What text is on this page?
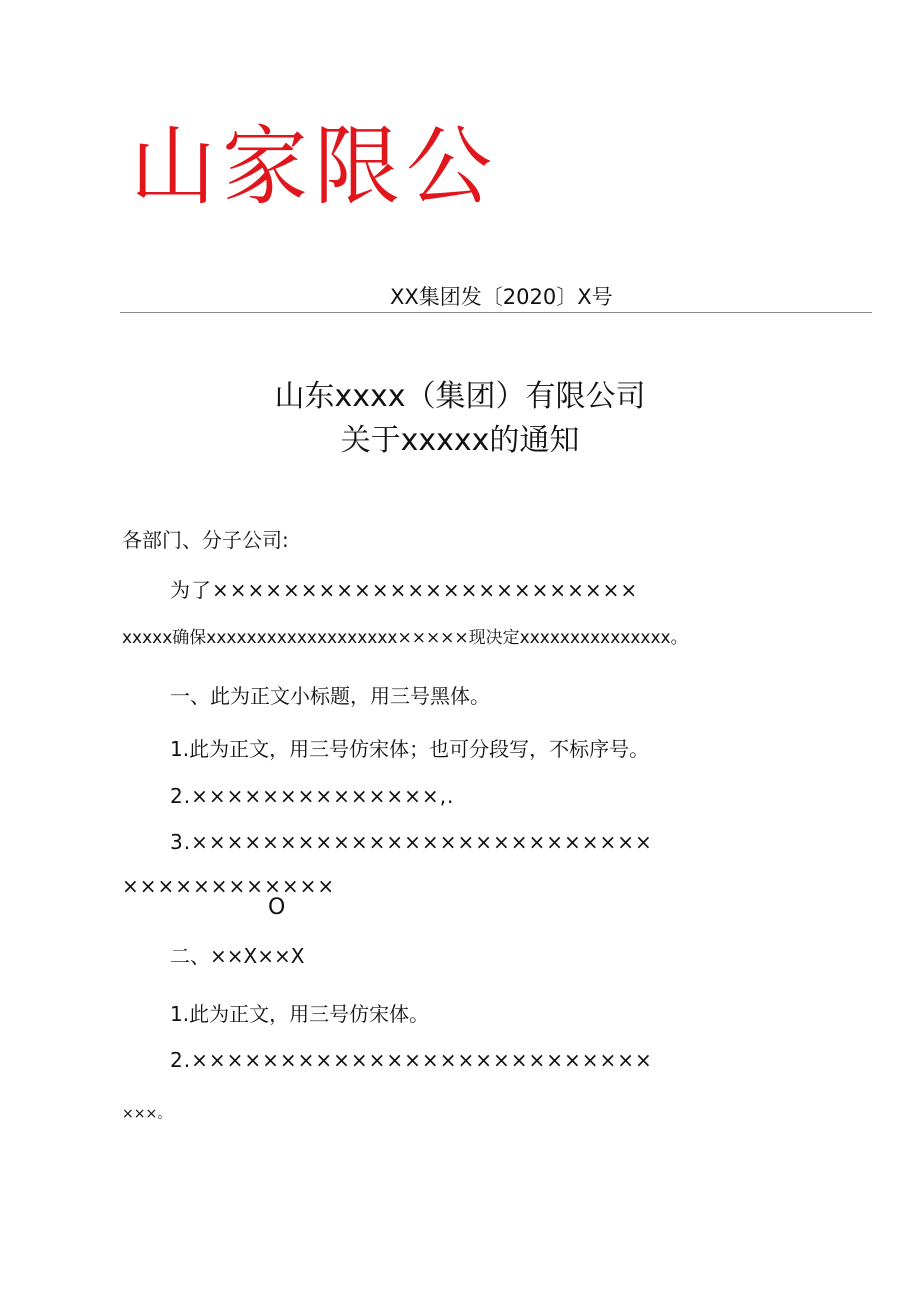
山家限公
XX集团发〔2020〕X号
山东xxxx（集团）有限公司
关于xxxxx的通知
各部门、分子公司:
为了××××××××××××××××××××××××
xxxxx确保xxxxxxxxxxxxxxxxxxx×××××现决定xxxxxxxxxxxxxxx。
一、此为正文小标题，用三号黑体。
1.此为正文，用三号仿宋体；也可分段写，不标序号。
2.××××××××××××××,.
3.××××××××××××××××××××××××××
××××××××××××
O
二、××X××X
1.此为正文，用三号仿宋体。
2.××××××××××××××××××××××××××
×××。
